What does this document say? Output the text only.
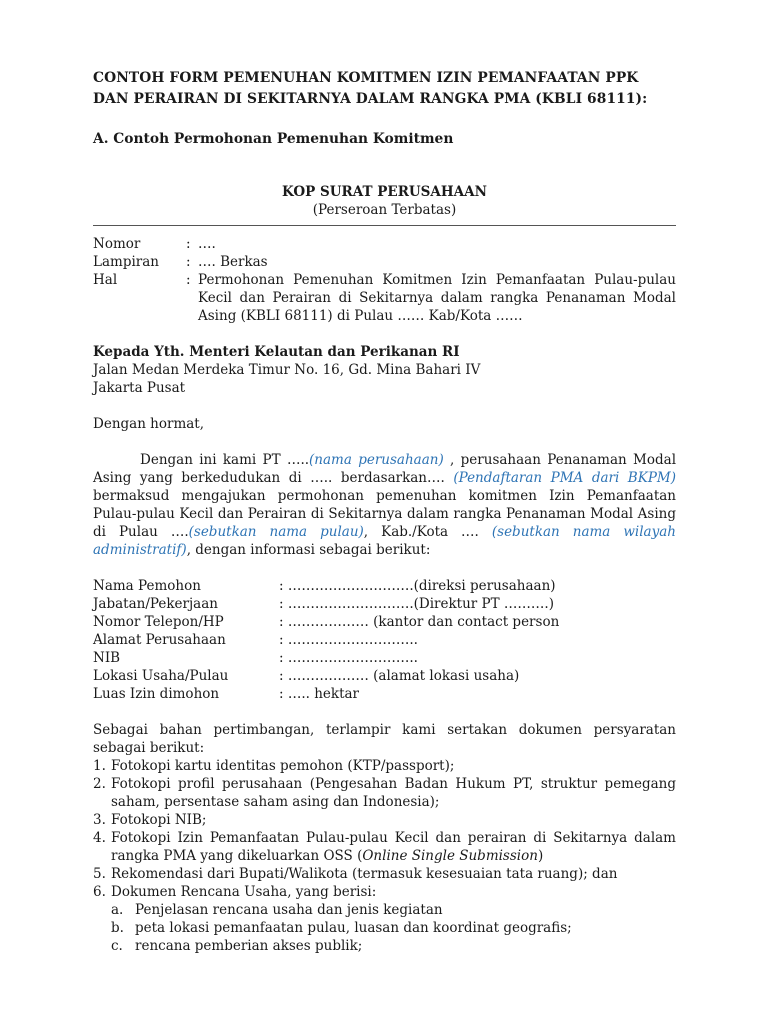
CONTOH FORM PEMENUHAN KOMITMEN IZIN PEMANFAATAN PPK DAN PERAIRAN DI SEKITARNYA DALAM RANGKA PMA (KBLI 68111):
A. Contoh Permohonan Pemenuhan Komitmen
KOP SURAT PERUSAHAAN
(Perseroan Terbatas)
Nomor	: ….
Lampiran	: …. Berkas
Hal	: Permohonan Pemenuhan Komitmen Izin Pemanfaatan Pulau-pulau Kecil dan Perairan di Sekitarnya dalam rangka Penanaman Modal Asing (KBLI 68111) di Pulau …… Kab/Kota ……
Kepada Yth. Menteri Kelautan dan Perikanan RI
Jalan Medan Merdeka Timur No. 16, Gd. Mina Bahari IV
Jakarta Pusat
Dengan hormat,
Dengan ini kami PT …..(nama perusahaan) , perusahaan Penanaman Modal Asing yang berkedudukan di ….. berdasarkan…. (Pendaftaran PMA dari BKPM) bermaksud mengajukan permohonan pemenuhan komitmen Izin Pemanfaatan Pulau-pulau Kecil dan Perairan di Sekitarnya dalam rangka Penanaman Modal Asing di Pulau ….(sebutkan nama pulau), Kab./Kota …. (sebutkan nama wilayah administratif), dengan informasi sebagai berikut:
Nama Pemohon	: ……………………….(direksi perusahaan)
Jabatan/Pekerjaan	: ……………………….(Direktur PT ……….)
Nomor Telepon/HP	: ……………… (kantor dan contact person
Alamat Perusahaan	: ………………………..
NIB	: ………………………..
Lokasi Usaha/Pulau	: ……………… (alamat lokasi usaha)
Luas Izin dimohon	: ….. hektar
Sebagai bahan pertimbangan, terlampir kami sertakan dokumen persyaratan sebagai berikut:
1. Fotokopi kartu identitas pemohon (KTP/passport);
2. Fotokopi profil perusahaan (Pengesahan Badan Hukum PT, struktur pemegang saham, persentase saham asing dan Indonesia);
3. Fotokopi NIB;
4. Fotokopi Izin Pemanfaatan Pulau-pulau Kecil dan perairan di Sekitarnya dalam rangka PMA yang dikeluarkan OSS (Online Single Submission)
5. Rekomendasi dari Bupati/Walikota (termasuk kesesuaian tata ruang); dan
6. Dokumen Rencana Usaha, yang berisi:
a. Penjelasan rencana usaha dan jenis kegiatan
b. peta lokasi pemanfaatan pulau, luasan dan koordinat geografis;
c. rencana pemberian akses publik;
